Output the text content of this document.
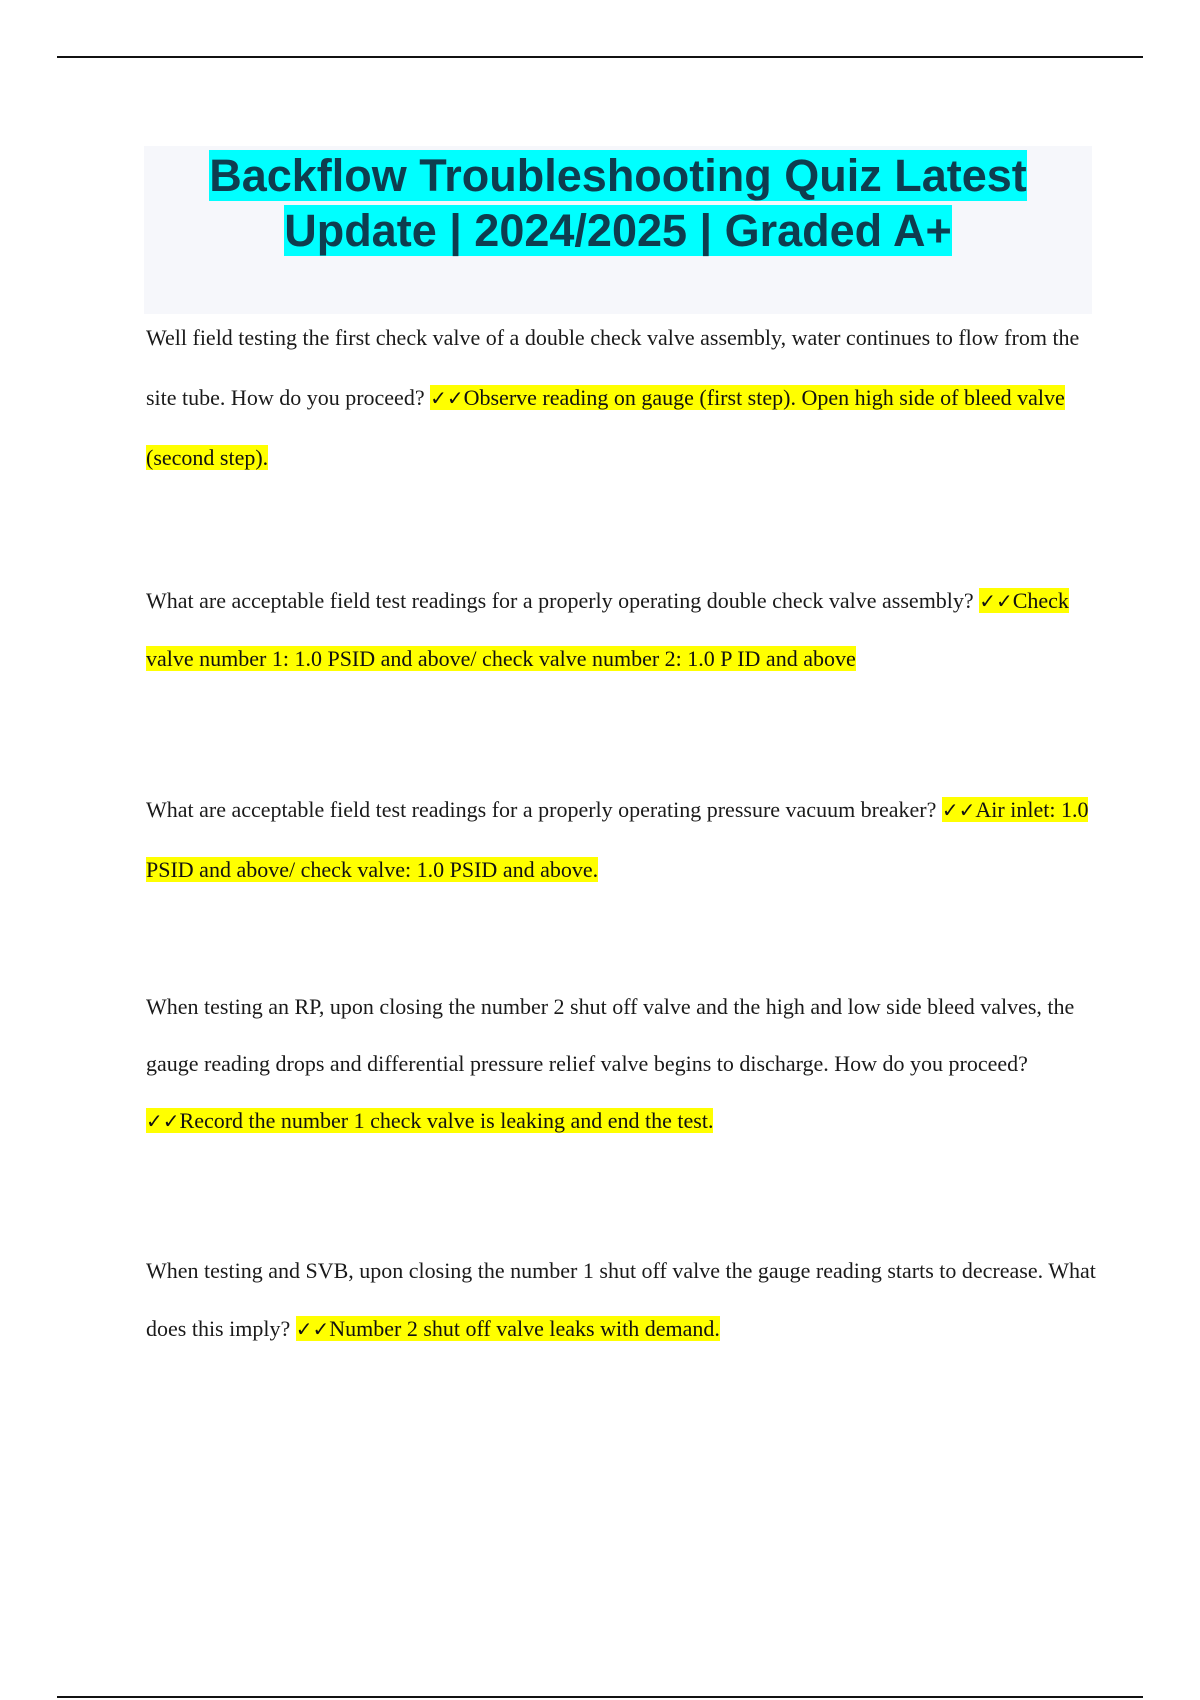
Backflow Troubleshooting Quiz Latest
Update | 2024/2025 | Graded A+

Well field testing the first check valve of a double check valve assembly, water continues to flow from the site tube. How do you proceed? ✓✓Observe reading on gauge (first step). Open high side of bleed valve (second step).

What are acceptable field test readings for a properly operating double check valve assembly? ✓✓Check valve number 1: 1.0 PSID and above/ check valve number 2: 1.0 P ID and above

What are acceptable field test readings for a properly operating pressure vacuum breaker? ✓✓Air inlet: 1.0 PSID and above/ check valve: 1.0 PSID and above.

When testing an RP, upon closing the number 2 shut off valve and the high and low side bleed valves, the gauge reading drops and differential pressure relief valve begins to discharge. How do you proceed? ✓✓Record the number 1 check valve is leaking and end the test.

When testing and SVB, upon closing the number 1 shut off valve the gauge reading starts to decrease. What does this imply? ✓✓Number 2 shut off valve leaks with demand.
